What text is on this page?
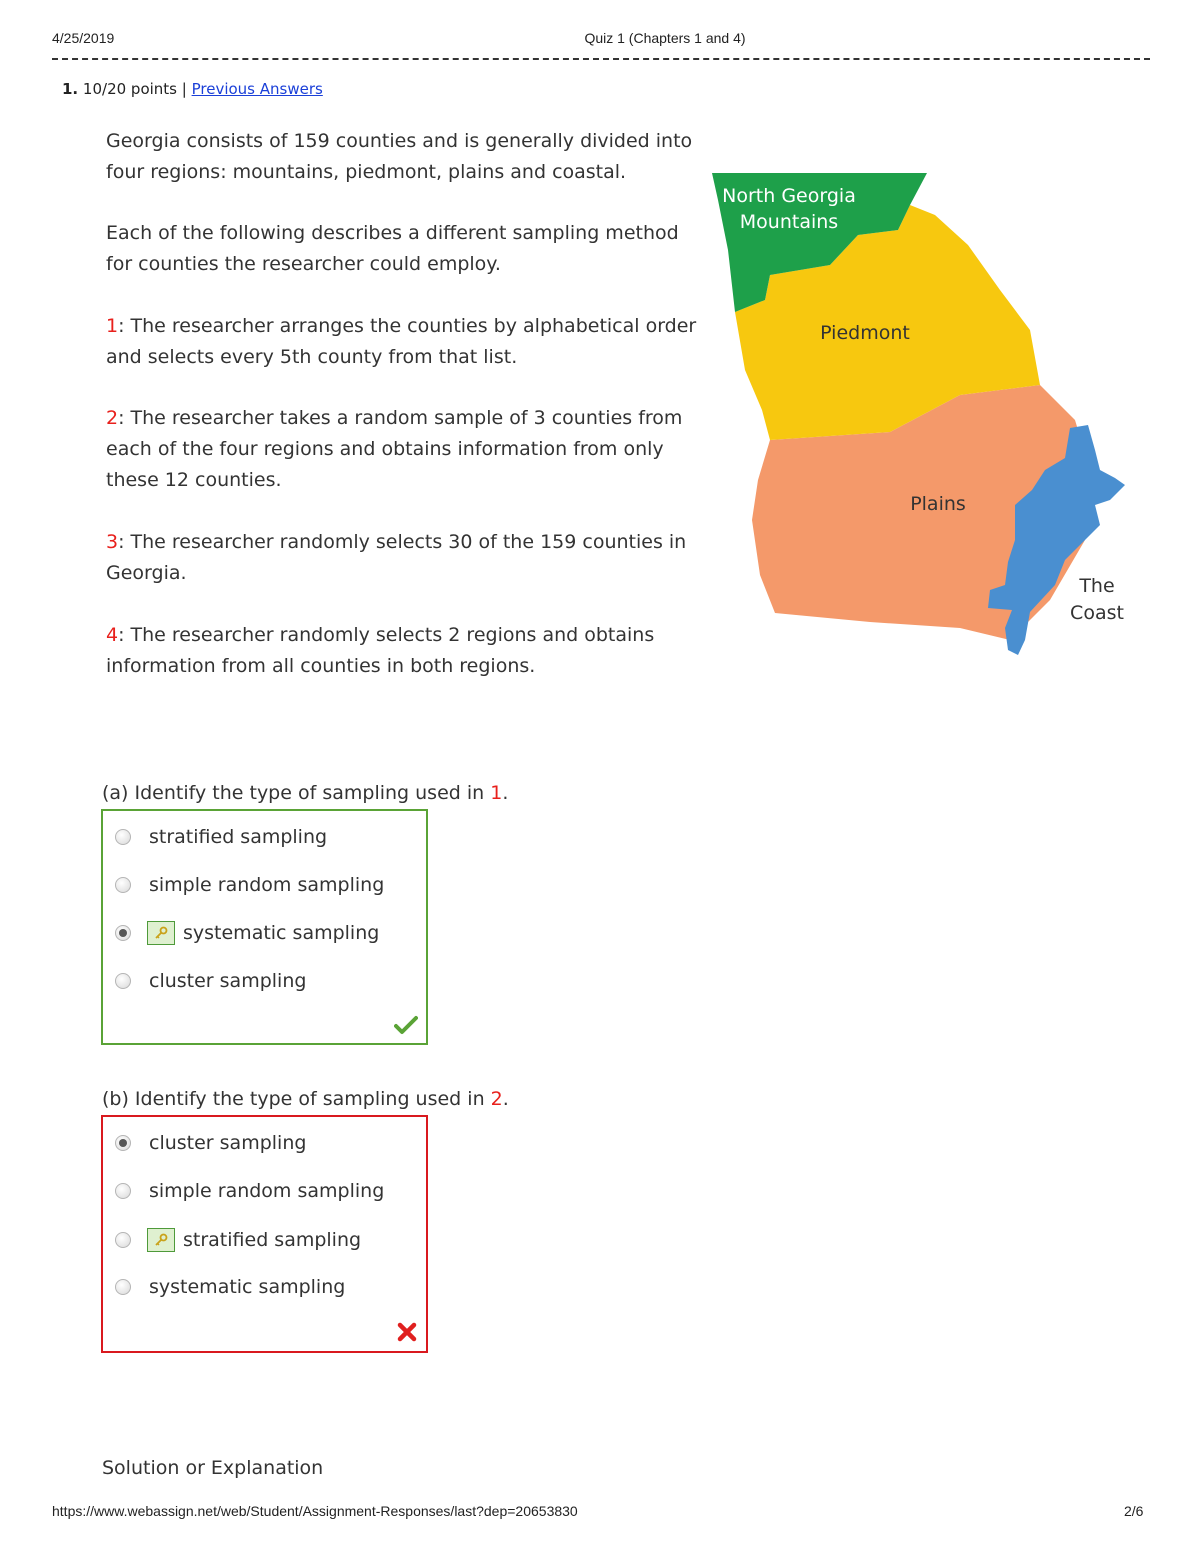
4/25/2019	Quiz 1 (Chapters 1 and 4)
1. 10/20 points | Previous Answers

Georgia consists of 159 counties and is generally divided into four regions: mountains, piedmont, plains and coastal.

Each of the following describes a different sampling method for counties the researcher could employ.

1: The researcher arranges the counties by alphabetical order and selects every 5th county from that list.

2: The researcher takes a random sample of 3 counties from each of the four regions and obtains information from only these 12 counties.

3: The researcher randomly selects 30 of the 159 counties in Georgia.

4: The researcher randomly selects 2 regions and obtains information from all counties in both regions.

North Georgia
Mountains
Piedmont
Plains
The
Coast
(a) Identify the type of sampling used in 1.
stratified sampling
simple random sampling
systematic sampling
cluster sampling
(b) Identify the type of sampling used in 2.
cluster sampling
simple random sampling
stratified sampling
systematic sampling
Solution or Explanation
https://www.webassign.net/web/Student/Assignment-Responses/last?dep=20653830	2/6
